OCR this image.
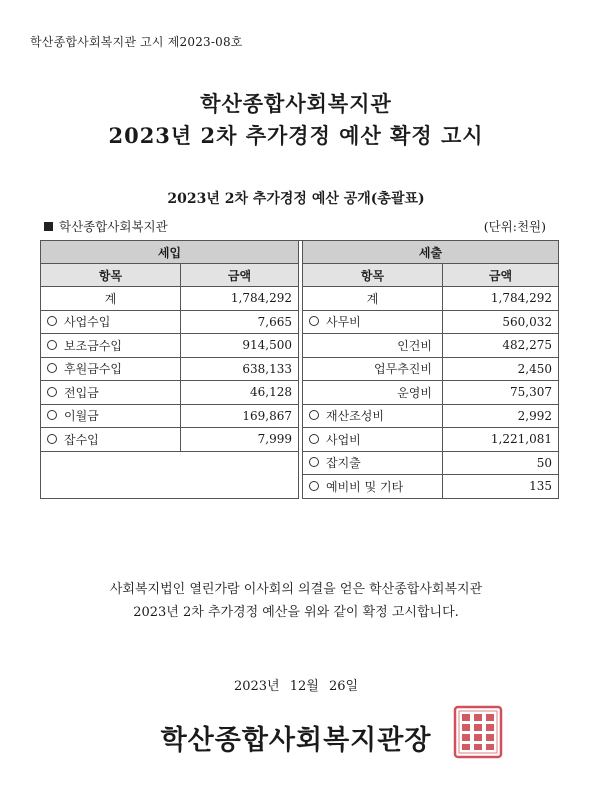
학산종합사회복지관 고시 제2023-08호
학산종합사회복지관
2023년 2차 추가경정 예산 확정 고시
2023년 2차 추가경정 예산 공개(총괄표)
학산종합사회복지관	(단위:천원)
세입			세출	
항목	금액		항목	금액
계	1,784,292		계	1,784,292
사업수입	7,665		사무비	560,032
보조금수입	914,500		인건비	482,275
후원금수입	638,133		업무추진비	2,450
전입금	46,128		운영비	75,307
이월금	169,867		재산조성비	2,992
잡수입	7,999		사업비	1,221,081
			잡지출	50
			예비비 및 기타	135
사회복지법인 열린가람 이사회의 의결을 얻은 학산종합사회복지관
2023년 2차 추가경정 예산을 위와 같이 확정 고시합니다.
2023년 12월 26일
학산종합사회복지관장
